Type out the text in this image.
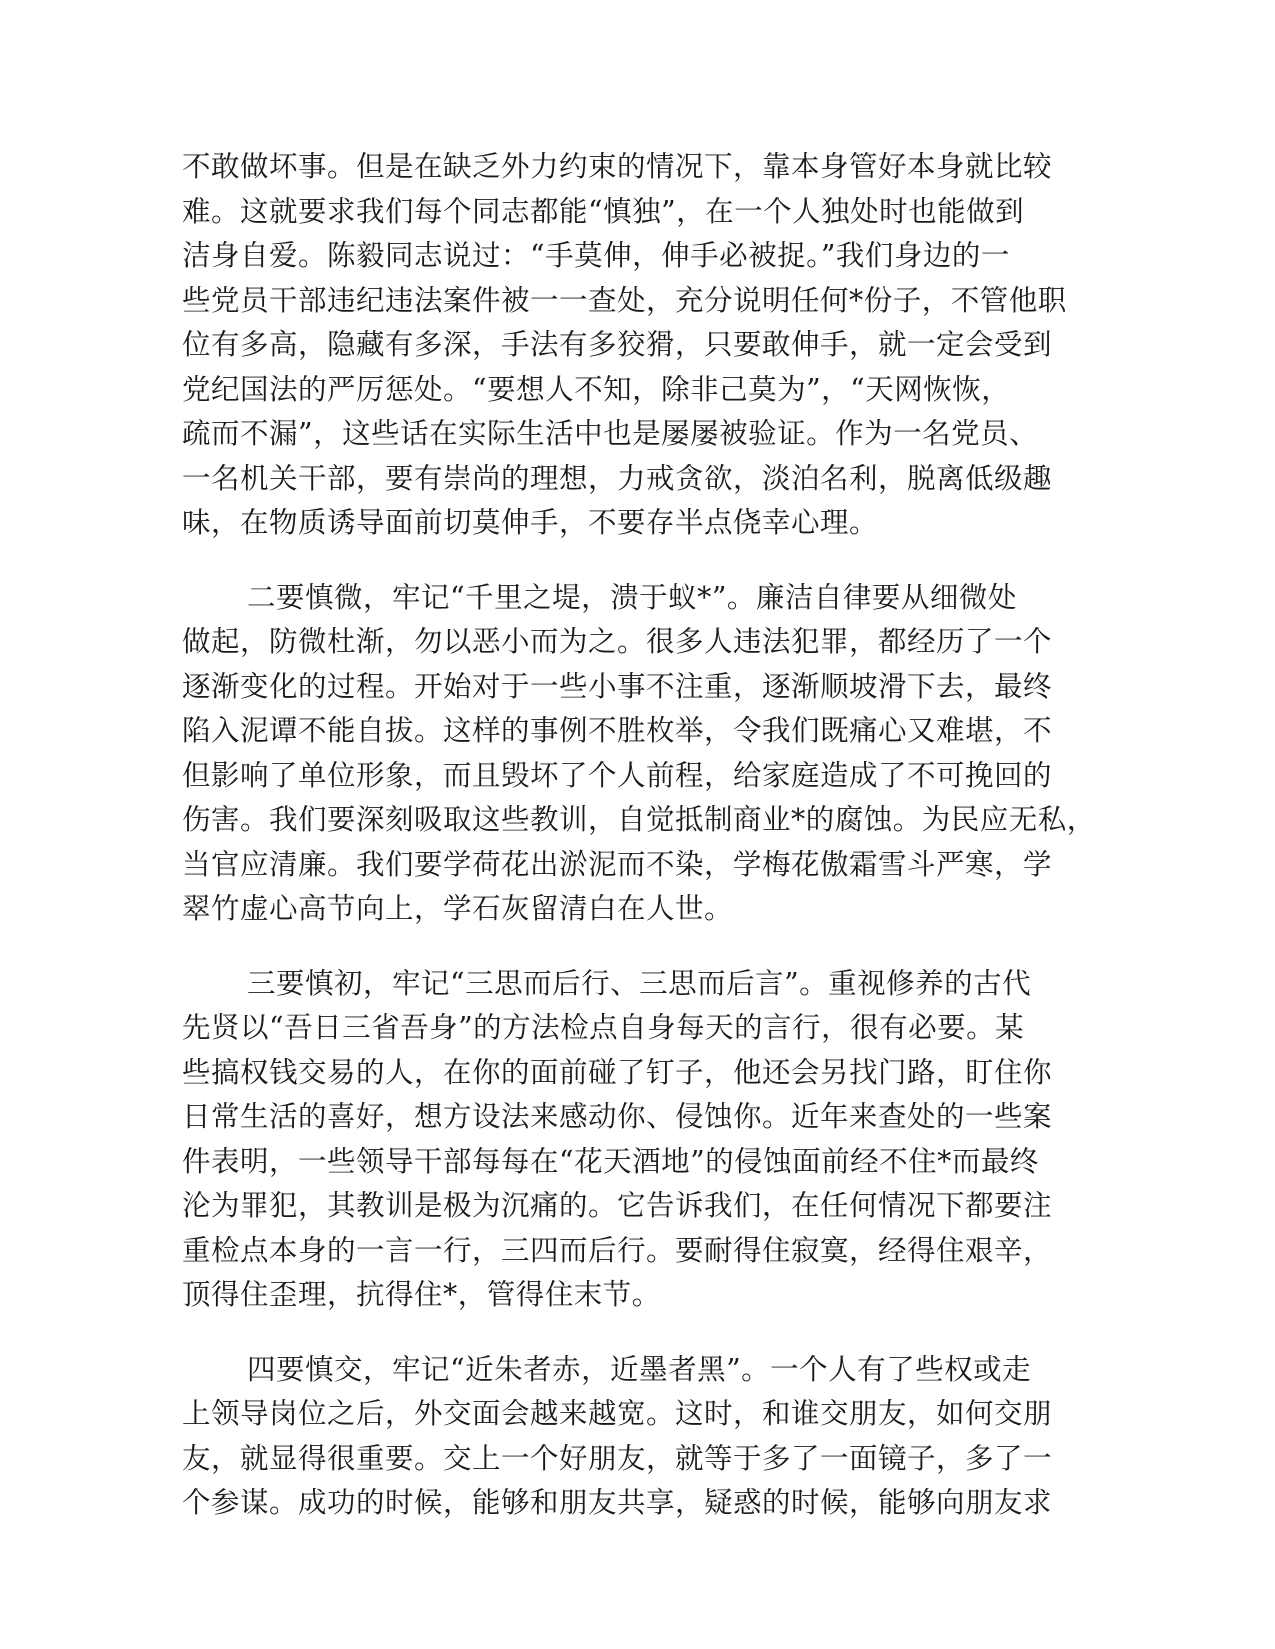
不敢做坏事。但是在缺乏外力约束的情况下，靠本身管好本身就比较
难。这就要求我们每个同志都能“慎独”，在一个人独处时也能做到
洁身自爱。陈毅同志说过：“手莫伸，伸手必被捉。”我们身边的一
些党员干部违纪违法案件被一一查处，充分说明任何*份子，不管他职
位有多高，隐藏有多深，手法有多狡猾，只要敢伸手，就一定会受到
党纪国法的严厉惩处。“要想人不知，除非己莫为”，“天网恢恢，
疏而不漏”，这些话在实际生活中也是屡屡被验证。作为一名党员、
一名机关干部，要有崇尚的理想，力戒贪欲，淡泊名利，脱离低级趣
味，在物质诱导面前切莫伸手，不要存半点侥幸心理。

二要慎微，牢记“千里之堤，溃于蚁*”。廉洁自律要从细微处
做起，防微杜渐，勿以恶小而为之。很多人违法犯罪，都经历了一个
逐渐变化的过程。开始对于一些小事不注重，逐渐顺坡滑下去，最终
陷入泥谭不能自拔。这样的事例不胜枚举，令我们既痛心又难堪，不
但影响了单位形象，而且毁坏了个人前程，给家庭造成了不可挽回的
伤害。我们要深刻吸取这些教训，自觉抵制商业*的腐蚀。为民应无私，
当官应清廉。我们要学荷花出淤泥而不染，学梅花傲霜雪斗严寒，学
翠竹虚心高节向上，学石灰留清白在人世。

三要慎初，牢记“三思而后行、三思而后言”。重视修养的古代
先贤以“吾日三省吾身”的方法检点自身每天的言行，很有必要。某
些搞权钱交易的人，在你的面前碰了钉子，他还会另找门路，盯住你
日常生活的喜好，想方设法来感动你、侵蚀你。近年来查处的一些案
件表明，一些领导干部每每在“花天酒地”的侵蚀面前经不住*而最终
沦为罪犯，其教训是极为沉痛的。它告诉我们，在任何情况下都要注
重检点本身的一言一行，三四而后行。要耐得住寂寞，经得住艰辛，
顶得住歪理，抗得住*，管得住末节。

四要慎交，牢记“近朱者赤，近墨者黑”。一个人有了些权或走
上领导岗位之后，外交面会越来越宽。这时，和谁交朋友，如何交朋
友，就显得很重要。交上一个好朋友，就等于多了一面镜子，多了一
个参谋。成功的时候，能够和朋友共享，疑惑的时候，能够向朋友求
